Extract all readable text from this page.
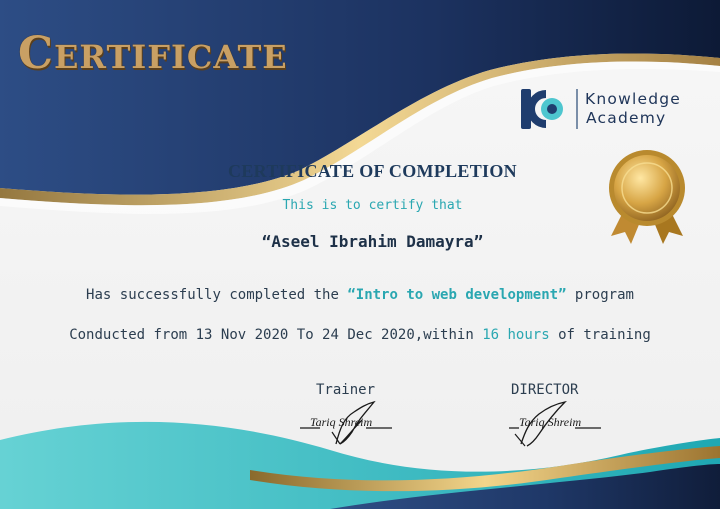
CERTIFICATE
Knowledge
Academy
CERTIFICATE OF COMPLETION
This is to certify that
“Aseel Ibrahim Damayra”
Has successfully completed the “Intro to web development” program
Conducted from 13 Nov 2020 To 24 Dec 2020,within 16 hours of training
Trainer	DIRECTOR
Tariq Shreim	Tariq Shreim
